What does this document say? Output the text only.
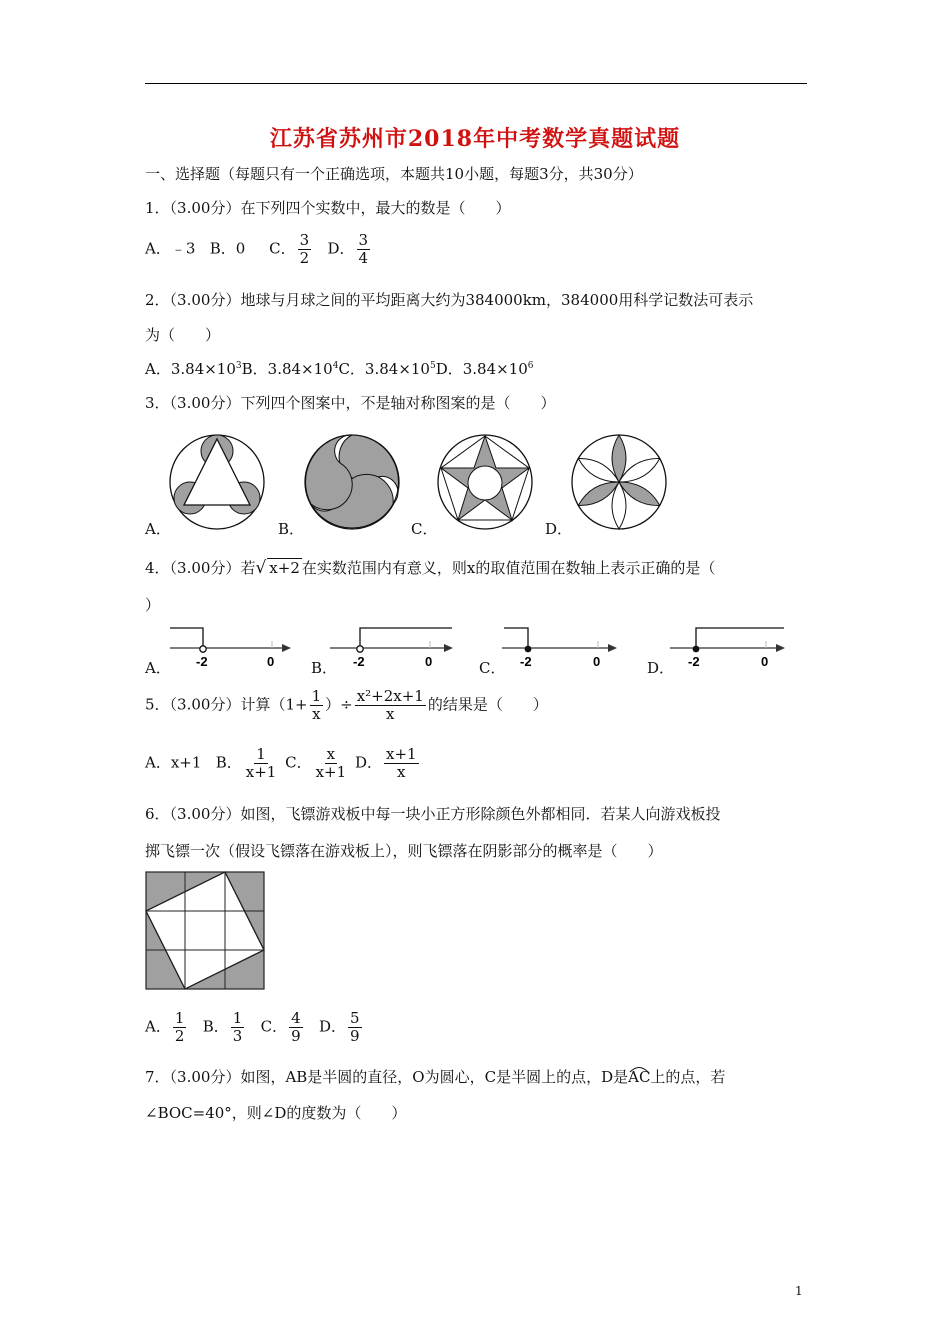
江苏省苏州市2018年中考数学真题试题
一、选择题（每题只有一个正确选项，本题共10小题，每题3分，共30分）
1．（3.00分）在下列四个实数中，最大的数是（　　）
A．﹣3 B．0 C． $\frac{3}{2}$ D． $\frac{3}{4}$
2．（3.00分）地球与月球之间的平均距离大约为384000km，384000用科学记数法可表示
为（　　）
A．$3.84\times 10^3B$．$3.84\times 10^4C$．$3.84\times 10^5D$．$3.84\times 10^6$
3．（3.00分）下列四个图案中，不是轴对称图案的是（　　）
A．	B．	C．	D．
4．（3.00分）若√ x+2 在实数范围内有意义，则x的取值范围在数轴上表示正确的是（
）
-2	0	-2	0	-2	0	-2	0
A．	B．	C．	D．
5．（3.00分）计算（$1+ \frac{1}{x}$ ）÷ $\frac{\text{x²+2x+1}}{x}$ 的结果是（　　）
A．x+1 B． $\frac{1}{x+1}$ C． $\frac{x}{x+1}$ D． $\frac{x+1}{x}$
6．（3.00分）如图，飞镖游戏板中每一块小正方形除颜色外都相同．若某人向游戏板投
掷飞镖一次（假设飞镖落在游戏板上），则飞镖落在阴影部分的概率是（　　）
A． $\frac{1}{2}$ B． $\frac{1}{3}$ C． $\frac{4}{9}$ D． $\frac{5}{9}$
7．（3.00分）如图，AB是半圆的直径，O为圆心，C是半圆上的点，D是
AC上的点，若
∠BOC=40°，则∠D的度数为（　　）
1
